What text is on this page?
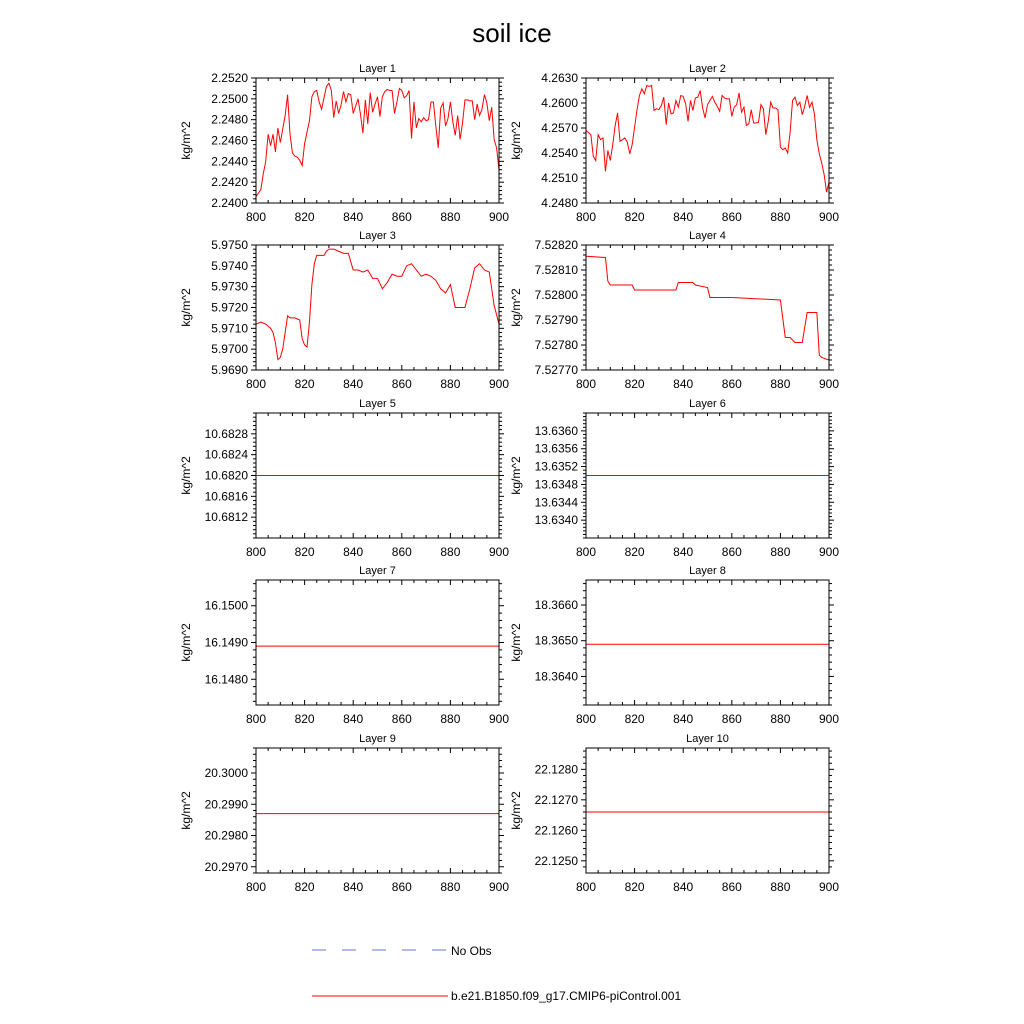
soil ice
Layer 1
800 820 840 860 880 900
2.2400
2.2420
2.2440
2.2460
2.2480
2.2500
2.2520
kg/m^2
Layer 2
800 820 840 860 880 900
4.2480
4.2510
4.2540
4.2570
4.2600
4.2630
kg/m^2
Layer 3
800 820 840 860 880 900
5.9690
5.9700
5.9710
5.9720
5.9730
5.9740
5.9750
kg/m^2
Layer 4
800 820 840 860 880 900
7.52770
7.52780
7.52790
7.52800
7.52810
7.52820
kg/m^2
Layer 5
800 820 840 860 880 900
10.6812
10.6816
10.6820
10.6824
10.6828
kg/m^2
Layer 6
800 820 840 860 880 900
13.6340
13.6344
13.6348
13.6352
13.6356
13.6360
kg/m^2
Layer 7
800 820 840 860 880 900
16.1480
16.1490
16.1500
kg/m^2
Layer 8
800 820 840 860 880 900
18.3640
18.3650
18.3660
kg/m^2
Layer 9
800 820 840 860 880 900
20.2970
20.2980
20.2990
20.3000
kg/m^2
Layer 10
800 820 840 860 880 900
22.1250
22.1260
22.1270
22.1280
kg/m^2
No Obs
b.e21.B1850.f09_g17.CMIP6-piControl.001
